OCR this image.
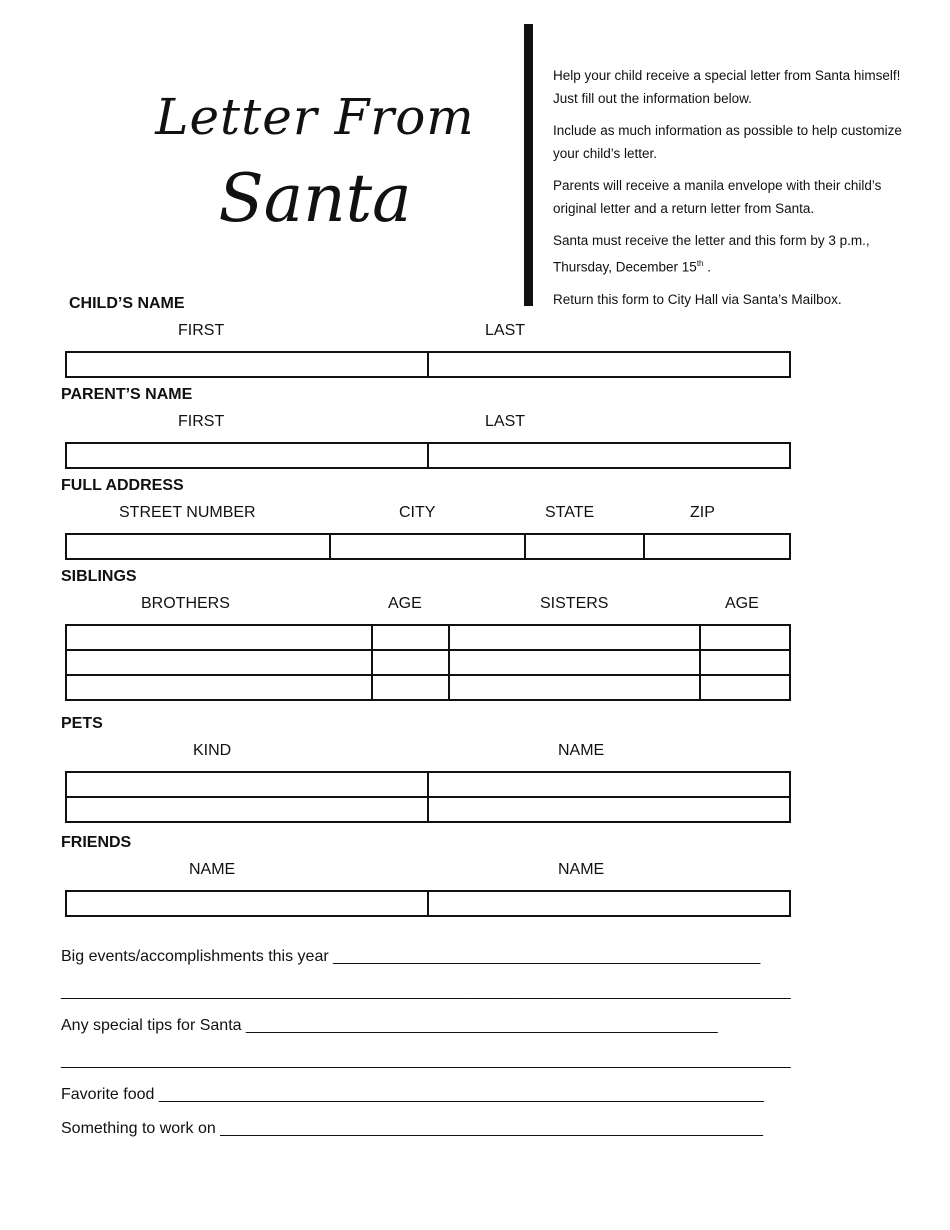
Letter From
Santa

Help your child receive a special letter from Santa himself! Just fill out the information below.

Include as much information as possible to help customize your child’s letter.

Parents will receive a manila envelope with their child’s original letter and a return letter from Santa.

Santa must receive the letter and this form by 3 p.m., Thursday, December 15th .

Return this form to City Hall via Santa’s Mailbox.

CHILD’S NAME
FIRST	LAST

PARENT’S NAME
FIRST	LAST

FULL ADDRESS
STREET NUMBER	CITY	STATE	ZIP

SIBLINGS
BROTHERS	AGE	SISTERS	AGE

PETS
KIND	NAME

FRIENDS
NAME	NAME

Big events/accomplishments this year ________________________________________________
__________________________________________________________________________________
Any special tips for Santa _____________________________________________________
__________________________________________________________________________________
Favorite food ____________________________________________________________________
Something to work on _____________________________________________________________
